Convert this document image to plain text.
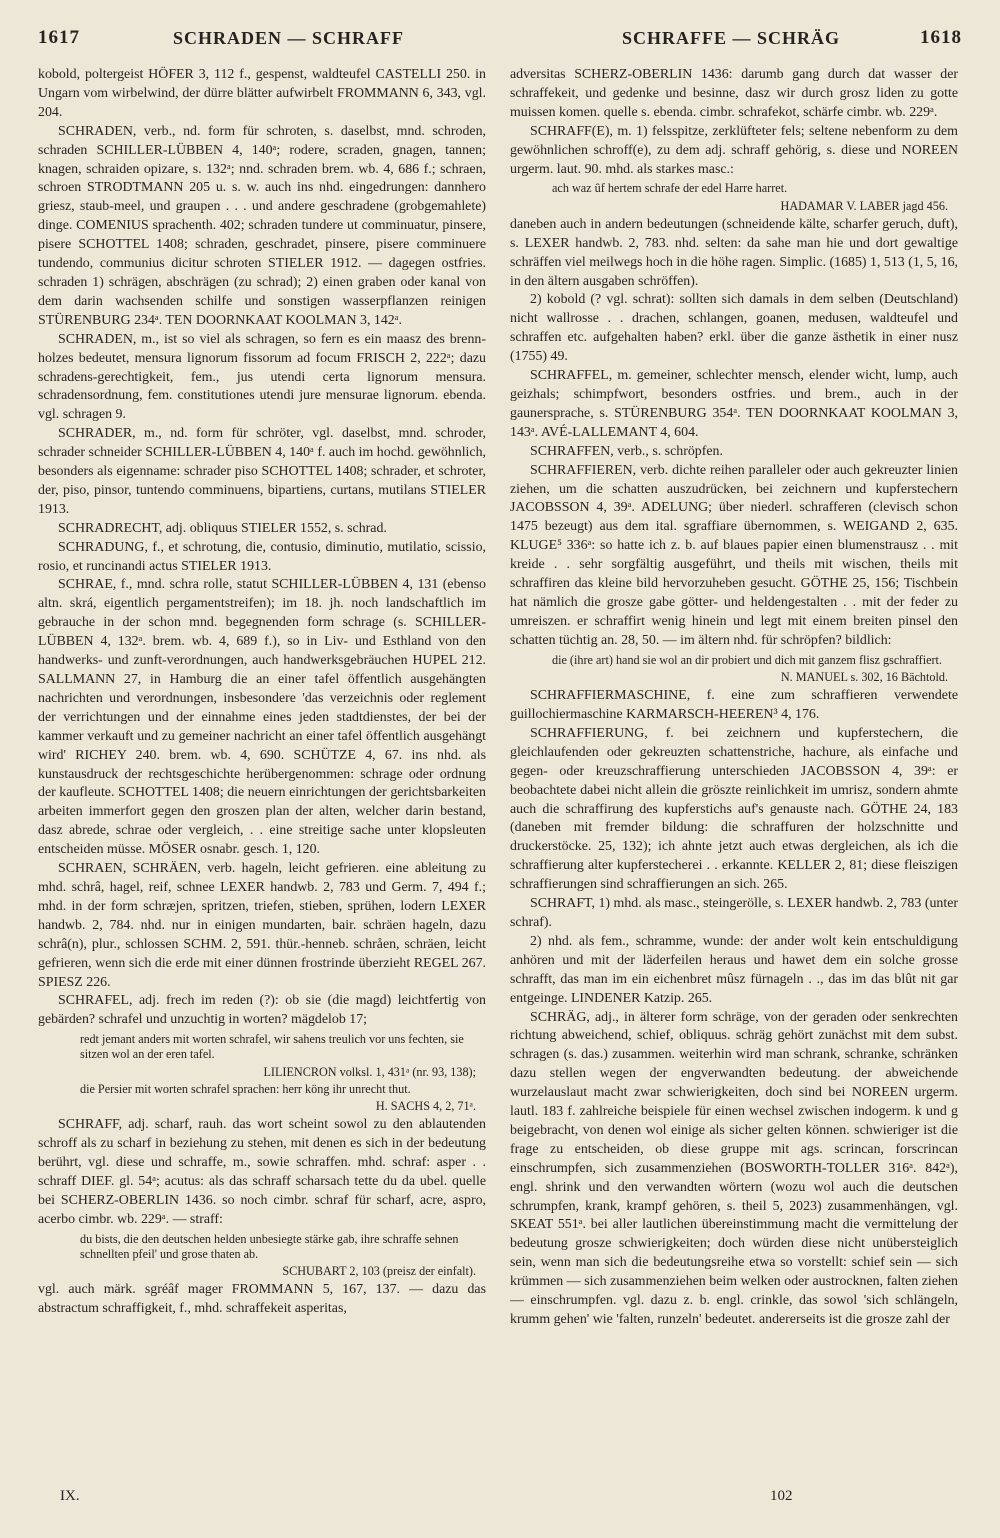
1617	SCHRADEN — SCHRAFF	SCHRAFFE — SCHRÄG	1618

kobold, poltergeist HÖFER 3, 112 f., gespenst, waldteufel CASTELLI 250. in Ungarn vom wirbelwind, der dürre blätter aufwirbelt FROMMANN 6, 343, vgl. 204.

SCHRADEN, verb., nd. form für schroten, s. daselbst, mnd. schroden, schraden SCHILLER-LÜBBEN 4, 140ᵃ; rodere, scraden, gnagen, tannen; knagen, schraiden opizare, s. 132ᵃ; nnd. schraden brem. wb. 4, 686 f.; schraen, schroen STRODTMANN 205 u. s. w. auch ins nhd. eingedrungen: dannhero griesz, staub-meel, und graupen . . . und andere geschradene (grobgemahlete) dinge. COMENIUS sprachenth. 402; schraden tundere ut comminuatur, pinsere, pisere SCHOTTEL 1408; schraden, geschradet, pinsere, pisere comminuere tundendo, communius dicitur schroten STIELER 1912. — dagegen ostfries. schraden 1) schrägen, abschrägen (zu schrad); 2) einen graben oder kanal von dem darin wachsenden schilfe und sonstigen wasserpflanzen reinigen STÜRENBURG 234ᵃ. TEN DOORNKAAT KOOLMAN 3, 142ᵃ.

SCHRADEN, m., ist so viel als schragen, so fern es ein maasz des brenn-holzes bedeutet, mensura lignorum fissorum ad focum FRISCH 2, 222ᵃ; dazu schradens-gerechtigkeit, fem., jus utendi certa lignorum mensura. schradensordnung, fem. constitutiones utendi jure mensurae lignorum. ebenda. vgl. schragen 9.

SCHRADER, m., nd. form für schröter, vgl. daselbst, mnd. schroder, schrader schneider SCHILLER-LÜBBEN 4, 140ᵃ f. auch im hochd. gewöhnlich, besonders als eigenname: schrader piso SCHOTTEL 1408; schrader, et schroter, der, piso, pinsor, tuntendo comminuens, bipartiens, curtans, mutilans STIELER 1913.

SCHRADRECHT, adj. obliquus STIELER 1552, s. schrad.

SCHRADUNG, f., et schrotung, die, contusio, diminutio, mutilatio, scissio, rosio, et runcinandi actus STIELER 1913.

SCHRAE, f., mnd. schra rolle, statut SCHILLER-LÜBBEN 4, 131 (ebenso altn. skrá, eigentlich pergamentstreifen); im 18. jh. noch landschaftlich im gebrauche in der schon mnd. begegnenden form schrage (s. SCHILLER-LÜBBEN 4, 132ᵃ. brem. wb. 4, 689 f.), so in Liv- und Esthland von den handwerks- und zunft-verordnungen, auch handwerksgebräuchen HUPEL 212. SALLMANN 27, in Hamburg die an einer tafel öffentlich ausgehängten nachrichten und verordnungen, insbesondere 'das verzeichnis oder reglement der verrichtungen und der einnahme eines jeden stadtdienstes, der bei der kammer verkauft und zu gemeiner nachricht an einer tafel öffentlich ausgehängt wird' RICHEY 240. brem. wb. 4, 690. SCHÜTZE 4, 67. ins nhd. als kunstausdruck der rechtsgeschichte herübergenommen: schrage oder ordnung der kaufleute. SCHOTTEL 1408; die neuern einrichtungen der gerichtsbarkeiten arbeiten immerfort gegen den groszen plan der alten, welcher darin bestand, dasz abrede, schrae oder vergleich, . . eine streitige sache unter klopsleuten entscheiden müsse. MÖSER osnabr. gesch. 1, 120.

SCHRAEN, SCHRÄEN, verb. hageln, leicht gefrieren. eine ableitung zu mhd. schrâ, hagel, reif, schnee LEXER handwb. 2, 783 und Germ. 7, 494 f.; mhd. in der form schræjen, spritzen, triefen, stieben, sprühen, lodern LEXER handwb. 2, 784. nhd. nur in einigen mundarten, bair. schräen hageln, dazu schrâ(n), plur., schlossen SCHM. 2, 591. thür.-henneb. schråen, schräen, leicht gefrieren, wenn sich die erde mit einer dünnen frostrinde überzieht REGEL 267. SPIESZ 226.

SCHRAFEL, adj. frech im reden (?): ob sie (die magd) leichtfertig von gebärden? schrafel und unzuchtig in worten? mägdelob 17;

redt jemant anders mit worten schrafel, wir sahens treulich vor uns fechten, sie sitzen wol an der eren tafel.

LILIENCRON volksl. 1, 431ᵃ (nr. 93, 138);

die Persier mit worten schrafel sprachen: herr köng ihr unrecht thut.

H. SACHS 4, 2, 71ᵃ.

SCHRAFF, adj. scharf, rauh. das wort scheint sowol zu den ablautenden schroff als zu scharf in beziehung zu stehen, mit denen es sich in der bedeutung berührt, vgl. diese und schraffe, m., sowie schraffen. mhd. schraf: asper . . schraff DIEF. gl. 54ᵃ; acutus: als das schraff scharsach tette du da ubel. quelle bei SCHERZ-OBERLIN 1436. so noch cimbr. schraf für scharf, acre, aspro, acerbo cimbr. wb. 229ᵃ. — straff:

du bists, die den deutschen helden unbesiegte stärke gab, ihre schraffe sehnen schnellten pfeil' und grose thaten ab.

SCHUBART 2, 103 (preisz der einfalt).

vgl. auch märk. sgréâf mager FROMMANN 5, 167, 137. — dazu das abstractum schraffigkeit, f., mhd. schraffekeit asperitas,

adversitas SCHERZ-OBERLIN 1436: darumb gang durch dat wasser der schraffekeit, und gedenke und besinne, dasz wir durch grosz liden zu gotte muissen komen. quelle s. ebenda. cimbr. schrafekot, schärfe cimbr. wb. 229ᵃ.

SCHRAFF(E), m. 1) felsspitze, zerklüfteter fels; seltene nebenform zu dem gewöhnlichen schroff(e), zu dem adj. schraff gehörig, s. diese und NOREEN urgerm. laut. 90. mhd. als starkes masc.:

ach waz ûf hertem schrafe der edel Harre harret.

HADAMAR V. LABER jagd 456.

daneben auch in andern bedeutungen (schneidende kälte, scharfer geruch, duft), s. LEXER handwb. 2, 783. nhd. selten: da sahe man hie und dort gewaltige schräffen viel meilwegs hoch in die höhe ragen. Simplic. (1685) 1, 513 (1, 5, 16, in den ältern ausgaben schröffen).

2) kobold (? vgl. schrat): sollten sich damals in dem selben (Deutschland) nicht wallrosse . . drachen, schlangen, goanen, medusen, waldteufel und schraffen etc. aufgehalten haben? erkl. über die ganze ästhetik in einer nusz (1755) 49.

SCHRAFFEL, m. gemeiner, schlechter mensch, elender wicht, lump, auch geizhals; schimpfwort, besonders ostfries. und brem., auch in der gaunersprache, s. STÜRENBURG 354ᵃ. TEN DOORNKAAT KOOLMAN 3, 143ᵃ. AVÉ-LALLEMANT 4, 604.

SCHRAFFEN, verb., s. schröpfen.

SCHRAFFIEREN, verb. dichte reihen paralleler oder auch gekreuzter linien ziehen, um die schatten auszudrücken, bei zeichnern und kupferstechern JACOBSSON 4, 39ᵃ. ADELUNG; über niederl. schrafferen (clevisch schon 1475 bezeugt) aus dem ital. sgraffiare übernommen, s. WEIGAND 2, 635. KLUGE⁵ 336ᵃ: so hatte ich z. b. auf blaues papier einen blumenstrausz . . mit kreide . . sehr sorgfältig ausgeführt, und theils mit wischen, theils mit schraffiren das kleine bild hervorzuheben gesucht. GÖTHE 25, 156; Tischbein hat nämlich die grosze gabe götter- und heldengestalten . . mit der feder zu umreiszen. er schraffirt wenig hinein und legt mit einem breiten pinsel den schatten tüchtig an. 28, 50. — im ältern nhd. für schröpfen? bildlich:

die (ihre art) hand sie wol an dir probiert und dich mit ganzem flisz gschraffiert.

N. MANUEL s. 302, 16 Bächtold.

SCHRAFFIERMASCHINE, f. eine zum schraffieren verwendete guillochiermaschine KARMARSCH-HEEREN³ 4, 176.

SCHRAFFIERUNG, f. bei zeichnern und kupferstechern, die gleichlaufenden oder gekreuzten schattenstriche, hachure, als einfache und gegen- oder kreuzschraffierung unterschieden JACOBSSON 4, 39ᵃ: er beobachtete dabei nicht allein die gröszte reinlichkeit im umrisz, sondern ahmte auch die schraffirung des kupferstichs auf's genauste nach. GÖTHE 24, 183 (daneben mit fremder bildung: die schraffuren der holzschnitte und druckerstöcke. 25, 132); ich ahnte jetzt auch etwas dergleichen, als ich die schraffierung alter kupferstecherei . . erkannte. KELLER 2, 81; diese fleiszigen schraffierungen sind schraffierungen an sich. 265.

SCHRAFT, 1) mhd. als masc., steingerölle, s. LEXER handwb. 2, 783 (unter schraf).

2) nhd. als fem., schramme, wunde: der ander wolt kein entschuldigung anhören und mit der läderfeilen heraus und hawet dem ein solche grosse schrafft, das man im ein eichenbret mûsz fürnageln . ., das im das blût nit gar entgeinge. LINDENER Katzip. 265.

SCHRÄG, adj., in älterer form schräge, von der geraden oder senkrechten richtung abweichend, schief, obliquus. schräg gehört zunächst mit dem subst. schragen (s. das.) zusammen. weiterhin wird man schrank, schranke, schränken dazu stellen wegen der engverwandten bedeutung. der abweichende wurzelauslaut macht zwar schwierigkeiten, doch sind bei NOREEN urgerm. lautl. 183 f. zahlreiche beispiele für einen wechsel zwischen indogerm. k und g beigebracht, von denen wol einige als sicher gelten können. schwieriger ist die frage zu entscheiden, ob diese gruppe mit ags. scrincan, forscrincan einschrumpfen, sich zusammenziehen (BOSWORTH-TOLLER 316ᵃ. 842ᵃ), engl. shrink und den verwandten wörtern (wozu wol auch die deutschen schrumpfen, krank, krampf gehören, s. theil 5, 2023) zusammenhängen, vgl. SKEAT 551ᵃ. bei aller lautlichen übereinstimmung macht die vermittelung der bedeutung grosze schwierigkeiten; doch würden diese nicht unübersteiglich sein, wenn man sich die bedeutungsreihe etwa so vorstellt: schief sein — sich krümmen — sich zusammenziehen beim welken oder austrocknen, falten ziehen — einschrumpfen. vgl. dazu z. b. engl. crinkle, das sowol 'sich schlängeln, krumm gehen' wie 'falten, runzeln' bedeutet. andererseits ist die grosze zahl der

IX.	102
